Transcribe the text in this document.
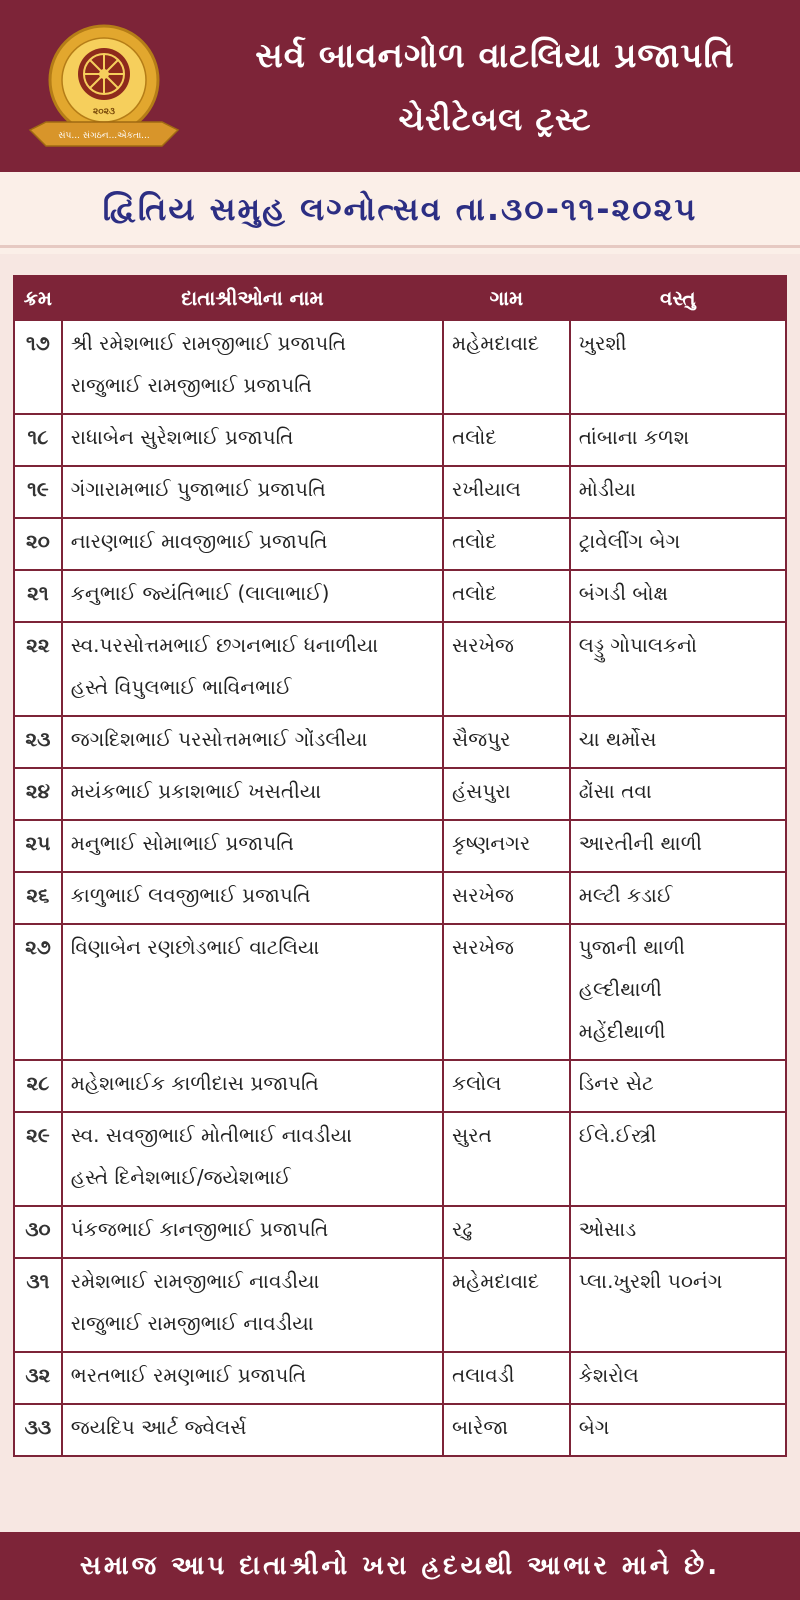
૨૦૨૩
સંપ... સંગઠન...એકતા...
સર્વ બાવનગોળ વાટલિયા પ્રજાપતિ
ચેરીટેબલ ટ્રસ્ટ
દ્વિતિય સમુહ લગ્નોત્સવ તા.૩૦-૧૧-૨૦૨૫
ક્રમ	દાતાશ્રીઓના નામ	ગામ	વસ્તુ

૧૭	શ્રી રમેશભાઈ રામજીભાઈ પ્રજાપતિ
રાજુભાઈ રામજીભાઈ પ્રજાપતિ	મહેમદાવાદ	ખુરશી

૧૮	રાધાબેન સુરેશભાઈ પ્રજાપતિ	તલોદ	તાંબાના કળશ

૧૯	ગંગારામભાઈ પુજાભાઈ પ્રજાપતિ	રખીયાલ	મોડીયા

૨૦	નારણભાઈ માવજીભાઈ પ્રજાપતિ	તલોદ	ટ્રાવેલીંગ બેગ

૨૧	કનુભાઈ જ્યંતિભાઈ (લાલાભાઈ)	તલોદ	બંગડી બોક્ષ

૨૨	સ્વ.પરસોત્તમભાઈ છગનભાઈ ધનાળીયા
હસ્તે વિપુલભાઈ ભાવિનભાઈ	સરખેજ	લડ્ડુ ગોપાલકનો

૨૩	જગદિશભાઈ પરસોત્તમભાઈ ગોંડલીયા	સૈજપુર	ચા થર્મોસ

૨૪	મયંકભાઈ પ્રકાશભાઈ ખસતીયા	હંસપુરા	ઢોંસા તવા

૨૫	મનુભાઈ સોમાભાઈ પ્રજાપતિ	કૃષ્ણનગર	આરતીની થાળી

૨૬	કાળુભાઈ લવજીભાઈ પ્રજાપતિ	સરખેજ	મલ્ટી કડાઈ

૨૭	વિણાબેન રણછોડભાઈ વાટલિયા	સરખેજ	પુજાની થાળી
હલ્દીથાળી
મહેંદીથાળી

૨૮	મહેશભાઈક કાળીદાસ પ્રજાપતિ	કલોલ	ડિનર સેટ

૨૯	સ્વ. સવજીભાઈ મોતીભાઈ નાવડીયા
હસ્તે દિનેશભાઈ/જયેશભાઈ	સુરત	ઈલે.ઈસ્ત્રી

૩૦	પંકજભાઈ કાનજીભાઈ પ્રજાપતિ	રઢુ	ઓસાડ

૩૧	રમેશભાઈ રામજીભાઈ નાવડીયા
રાજુભાઈ રામજીભાઈ નાવડીયા	મહેમદાવાદ	પ્લા.ખુરશી ૫૦નંગ

૩૨	ભરતભાઈ રમણભાઈ પ્રજાપતિ	તલાવડી	કેશરોલ

૩૩	જયદિપ આર્ટ જ્વેલર્સ	બારેજા	બેગ
સમાજ આપ દાતાશ્રીનો ખરા હ્રદયથી આભાર માને છે.
